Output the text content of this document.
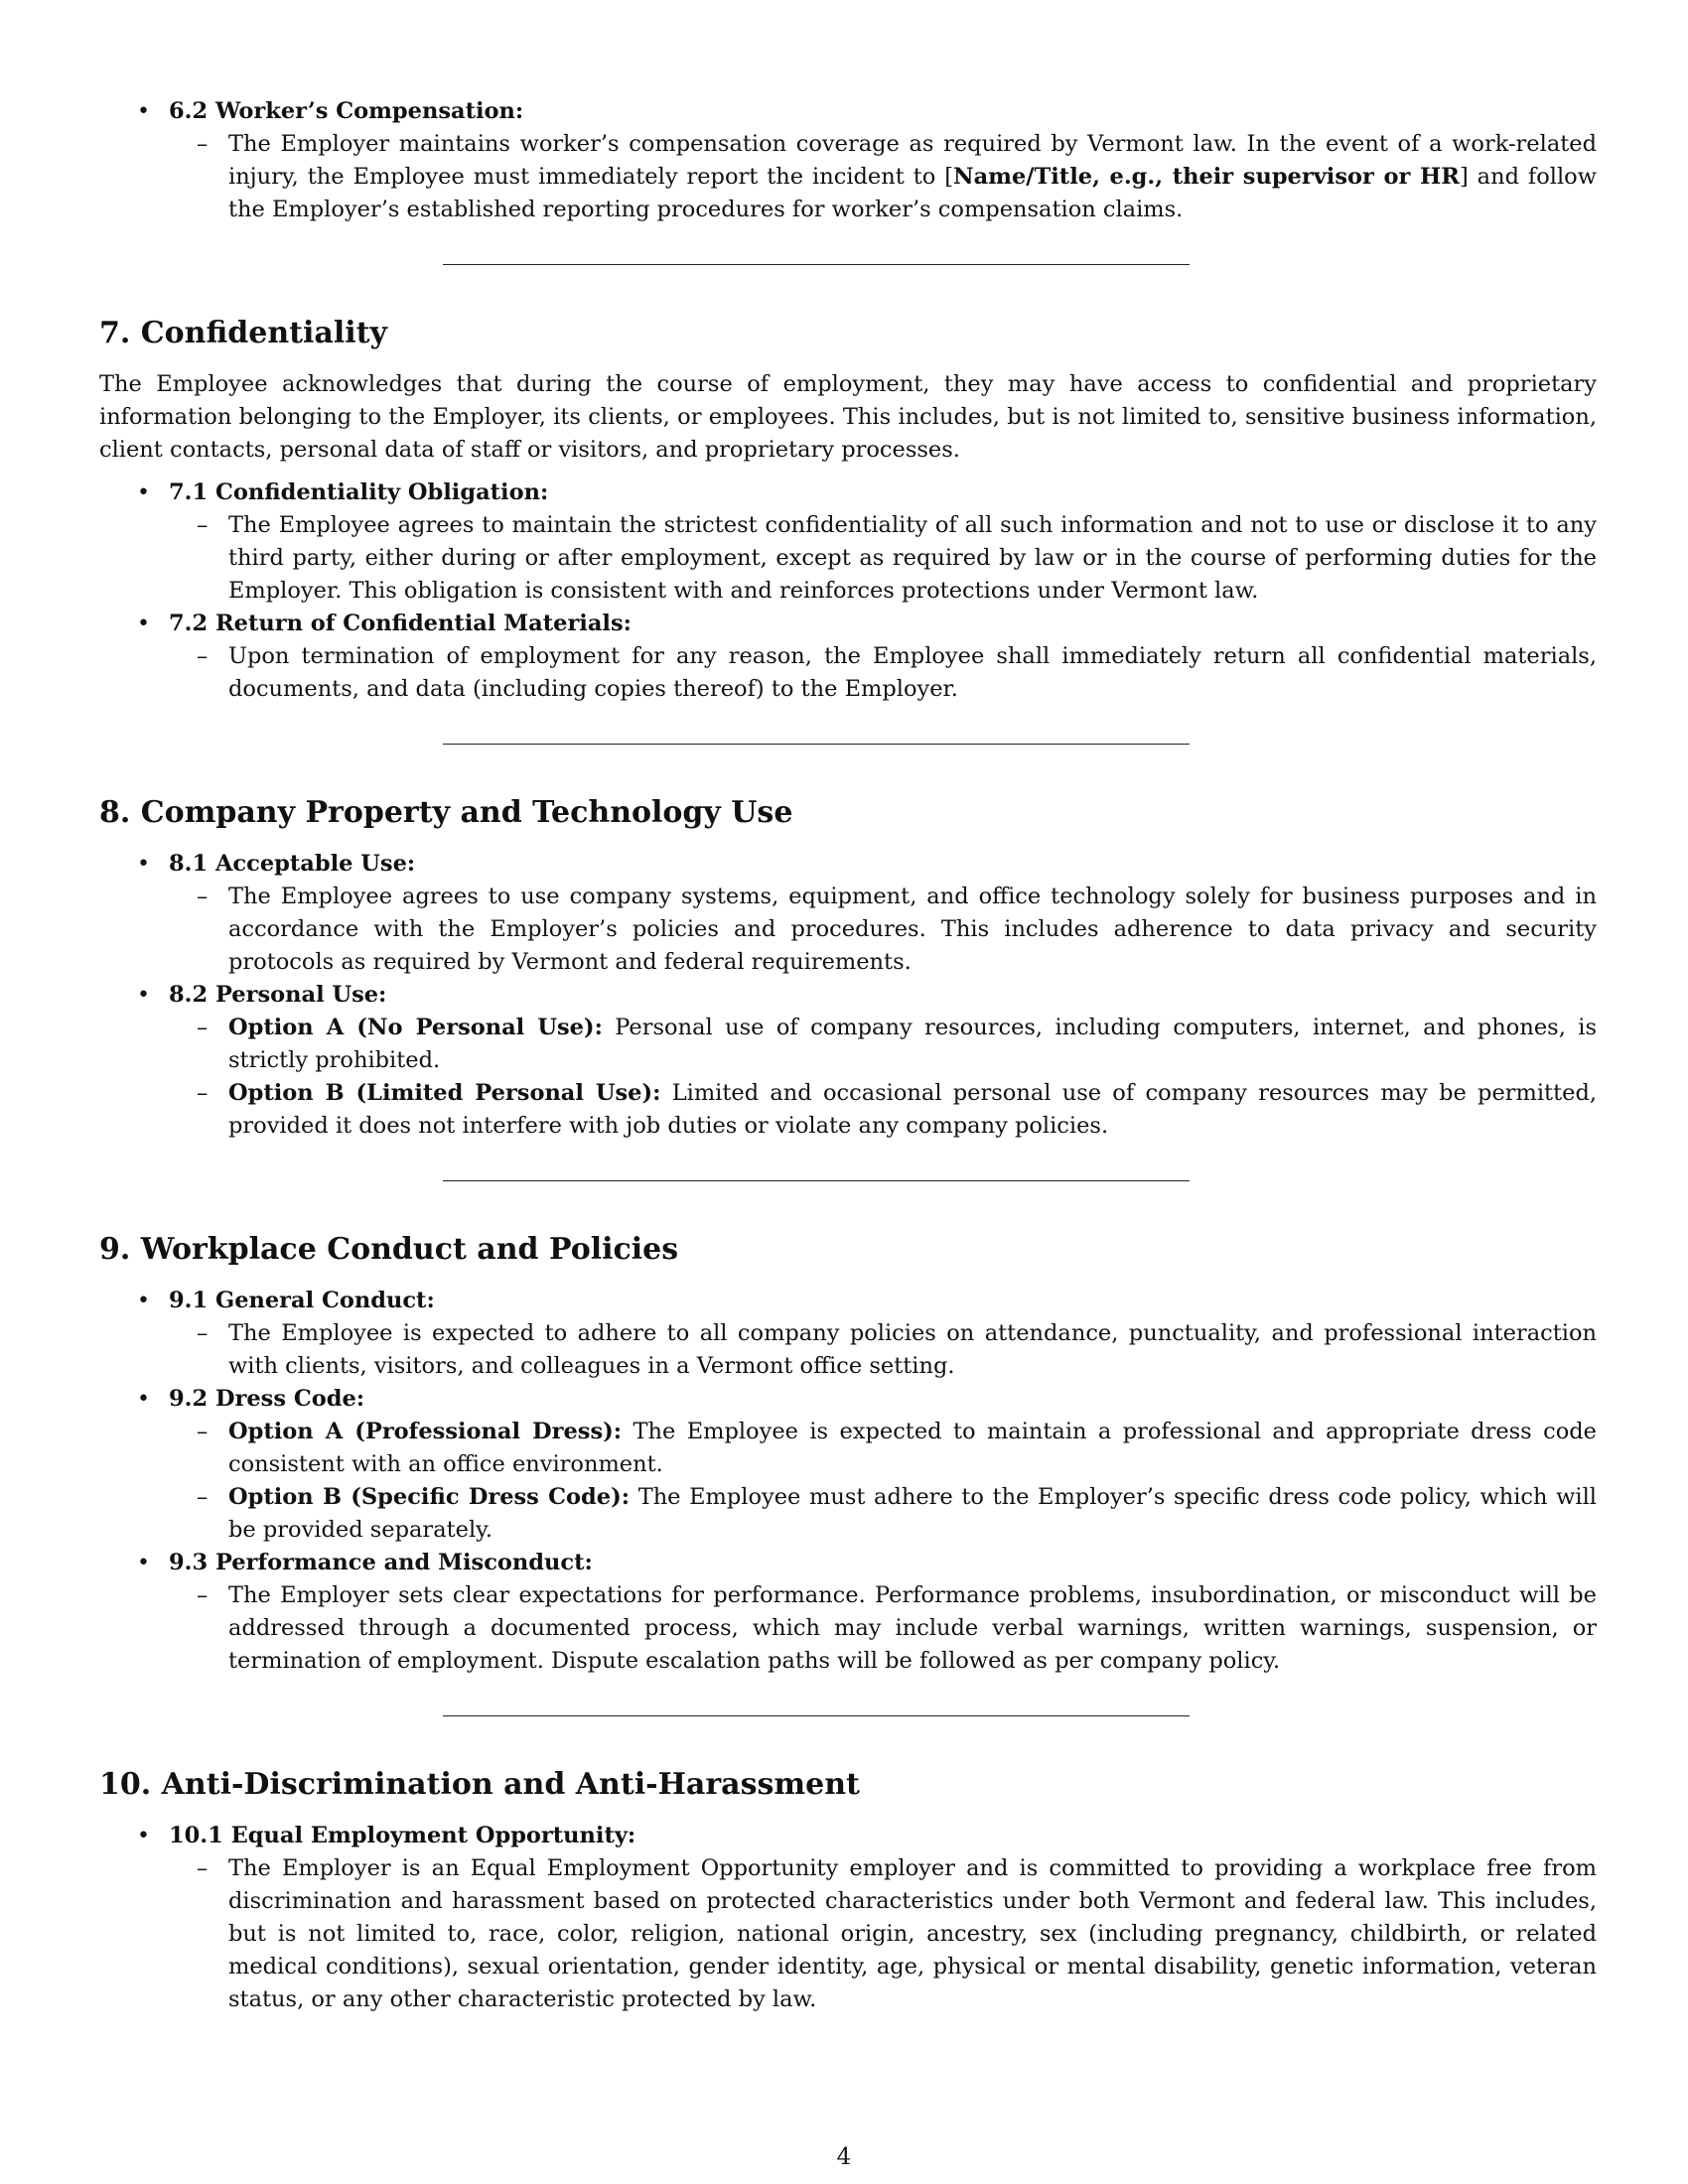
• 6.2 Worker’s Compensation:
– The Employer maintains worker’s compensation coverage as required by Vermont law. In the event of a work-related injury, the Employee must immediately report the incident to [Name/Title, e.g., their supervisor or HR] and follow the Employer’s established reporting procedures for worker’s compensation claims.
7. Confidentiality

The Employee acknowledges that during the course of employment, they may have access to confidential and proprietary information belonging to the Employer, its clients, or employees. This includes, but is not limited to, sensitive business information, client contacts, personal data of staff or visitors, and proprietary processes.

• 7.1 Confidentiality Obligation:
– The Employee agrees to maintain the strictest confidentiality of all such information and not to use or disclose it to any third party, either during or after employment, except as required by law or in the course of performing duties for the Employer. This obligation is consistent with and reinforces protections under Vermont law.
• 7.2 Return of Confidential Materials:
– Upon termination of employment for any reason, the Employee shall immediately return all confidential materials, documents, and data (including copies thereof) to the Employer.
8. Company Property and Technology Use
• 8.1 Acceptable Use:
– The Employee agrees to use company systems, equipment, and office technology solely for business purposes and in accordance with the Employer’s policies and procedures. This includes adherence to data privacy and security protocols as required by Vermont and federal requirements.
• 8.2 Personal Use:
– Option A (No Personal Use): Personal use of company resources, including computers, internet, and phones, is strictly prohibited.
– Option B (Limited Personal Use): Limited and occasional personal use of company resources may be permitted, provided it does not interfere with job duties or violate any company policies.
9. Workplace Conduct and Policies
• 9.1 General Conduct:
– The Employee is expected to adhere to all company policies on attendance, punctuality, and professional interaction with clients, visitors, and colleagues in a Vermont office setting.
• 9.2 Dress Code:
– Option A (Professional Dress): The Employee is expected to maintain a professional and appropriate dress code consistent with an office environment.
– Option B (Specific Dress Code): The Employee must adhere to the Employer’s specific dress code policy, which will be provided separately.
• 9.3 Performance and Misconduct:
– The Employer sets clear expectations for performance. Performance problems, insubordination, or misconduct will be addressed through a documented process, which may include verbal warnings, written warnings, suspension, or termination of employment. Dispute escalation paths will be followed as per company policy.
10. Anti-Discrimination and Anti-Harassment
• 10.1 Equal Employment Opportunity:
– The Employer is an Equal Employment Opportunity employer and is committed to providing a workplace free from discrimination and harassment based on protected characteristics under both Vermont and federal law. This includes, but is not limited to, race, color, religion, national origin, ancestry, sex (including pregnancy, childbirth, or related medical conditions), sexual orientation, gender identity, age, physical or mental disability, genetic information, veteran status, or any other characteristic protected by law.
4
